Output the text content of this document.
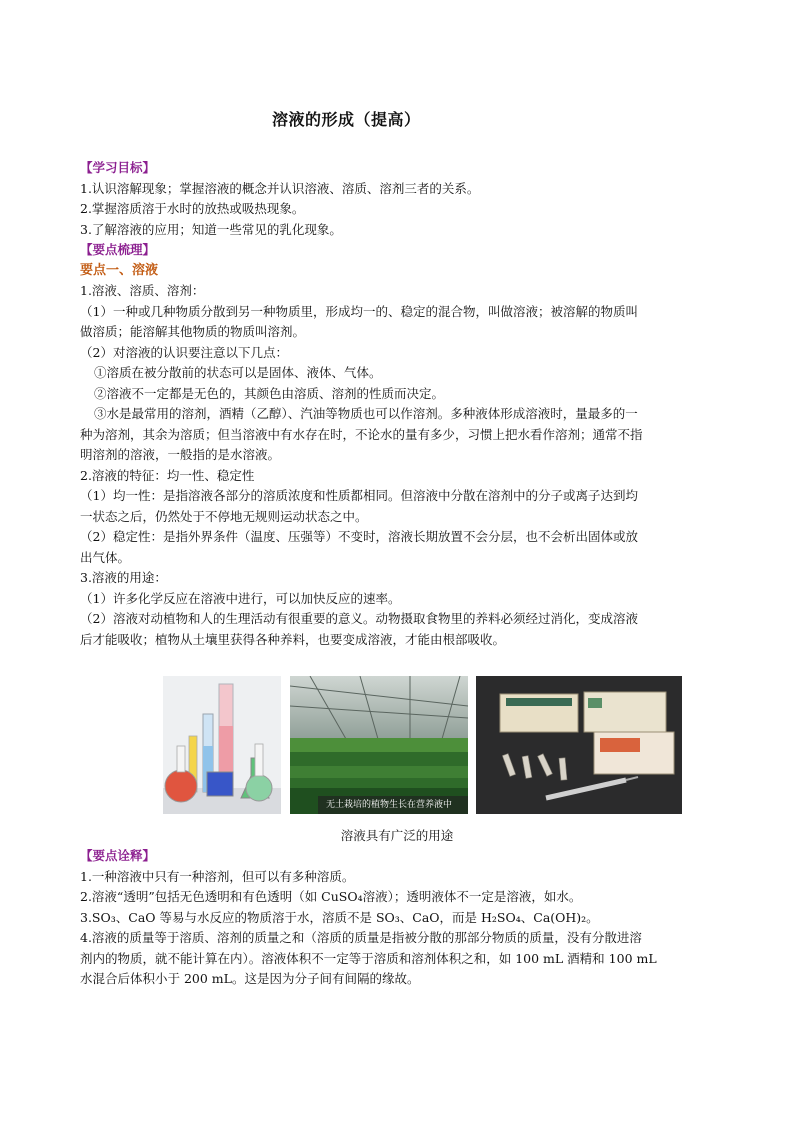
溶液的形成（提高）

【学习目标】

1.认识溶解现象；掌握溶液的概念并认识溶液、溶质、溶剂三者的关系。

2.掌握溶质溶于水时的放热或吸热现象。

3.了解溶液的应用；知道一些常见的乳化现象。

【要点梳理】

要点一、溶液

1.溶液、溶质、溶剂：

（1）一种或几种物质分散到另一种物质里，形成均一的、稳定的混合物，叫做溶液；被溶解的物质叫

做溶质；能溶解其他物质的物质叫溶剂。

（2）对溶液的认识要注意以下几点：

①溶质在被分散前的状态可以是固体、液体、气体。

②溶液不一定都是无色的，其颜色由溶质、溶剂的性质而决定。

③水是最常用的溶剂，酒精（乙醇）、汽油等物质也可以作溶剂。多种液体形成溶液时，量最多的一

种为溶剂，其余为溶质；但当溶液中有水存在时，不论水的量有多少，习惯上把水看作溶剂；通常不指

明溶剂的溶液，一般指的是水溶液。

2.溶液的特征：均一性、稳定性

（1）均一性：是指溶液各部分的溶质浓度和性质都相同。但溶液中分散在溶剂中的分子或离子达到均

一状态之后，仍然处于不停地无规则运动状态之中。

（2）稳定性：是指外界条件（温度、压强等）不变时，溶液长期放置不会分层，也不会析出固体或放

出气体。

3.溶液的用途：

（1）许多化学反应在溶液中进行，可以加快反应的速率。

（2）溶液对动植物和人的生理活动有很重要的意义。动物摄取食物里的养料必须经过消化，变成溶液

后才能吸收；植物从土壤里获得各种养料，也要变成溶液，才能由根部吸收。

无土栽培的植物生长在营养液中
溶液具有广泛的用途

【要点诠释】

1.一种溶液中只有一种溶剂，但可以有多种溶质。

2.溶液“透明”包括无色透明和有色透明（如 CuSO₄溶液）；透明液体不一定是溶液，如水。

3.SO₃、CaO 等易与水反应的物质溶于水，溶质不是 SO₃、CaO，而是 H₂SO₄、Ca(OH)₂。

4.溶液的质量等于溶质、溶剂的质量之和（溶质的质量是指被分散的那部分物质的质量，没有分散进溶

剂内的物质，就不能计算在内）。溶液体积不一定等于溶质和溶剂体积之和，如 100 mL 酒精和 100 mL

水混合后体积小于 200 mL。这是因为分子间有间隔的缘故。
